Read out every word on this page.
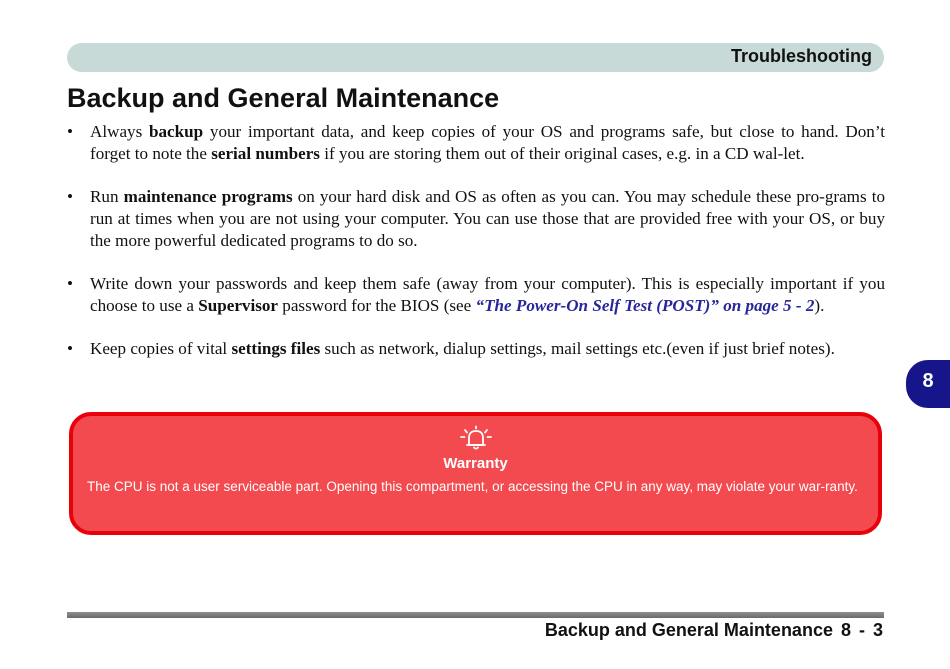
Troubleshooting
Backup and General Maintenance
• Always backup your important data, and keep copies of your OS and programs safe, but close to hand. Don’t forget to note the serial numbers if you are storing them out of their original cases, e.g. in a CD wal-let.
• Run maintenance programs on your hard disk and OS as often as you can. You may schedule these pro-grams to run at times when you are not using your computer. You can use those that are provided free with your OS, or buy the more powerful dedicated programs to do so.
• Write down your passwords and keep them safe (away from your computer). This is especially important if you choose to use a Supervisor password for the BIOS (see “The Power-On Self Test (POST)” on page 5 - 2).
• Keep copies of vital settings files such as network, dialup settings, mail settings etc.(even if just brief notes).
8
Warranty
The CPU is not a user serviceable part. Opening this compartment, or accessing the CPU in any way, may violate your war-ranty.
Backup and General Maintenance 8 - 3
